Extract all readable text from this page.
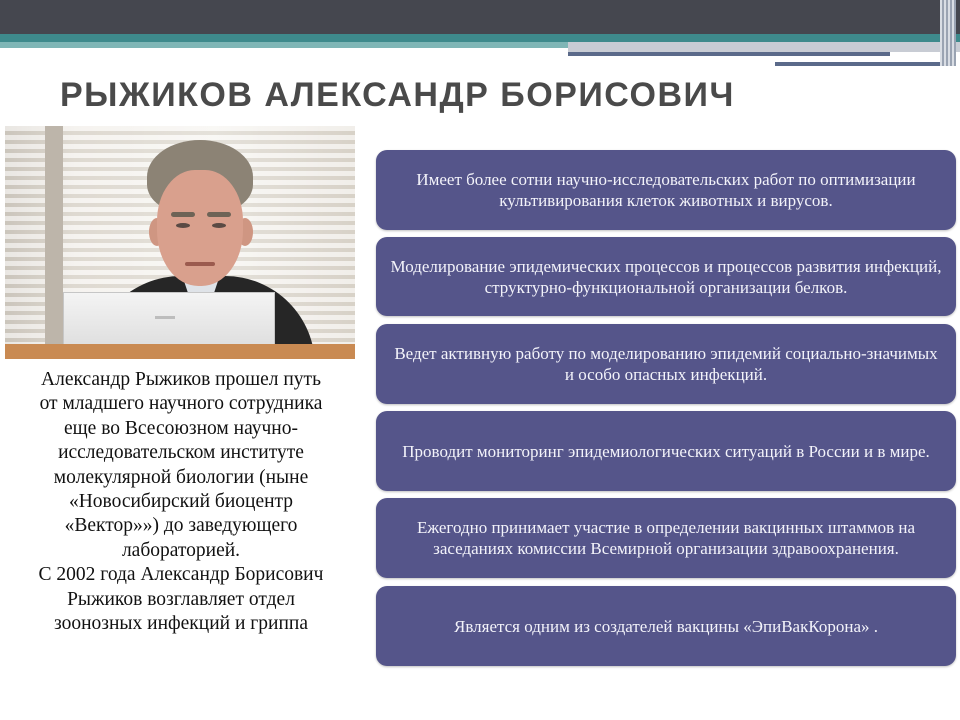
РЫЖИКОВ АЛЕКСАНДР БОРИСОВИЧ

Александр Рыжиков прошел путь
от младшего научного сотрудника
еще во Всесоюзном научно-
исследовательском институте
молекулярной биологии (ныне
«Новосибирский биоцентр
«Вектор»») до заведующего
лабораторией.
С 2002 года Александр Борисович
Рыжиков возглавляет отдел
зоонозных инфекций и гриппа

Имеет более сотни научно-исследовательских работ по оптимизации культивирования клеток животных и вирусов.
Моделирование эпидемических процессов и процессов развития инфекций, структурно-функциональной организации белков.
Ведет активную работу по моделированию эпидемий социально-значимых и особо опасных инфекций.
Проводит мониторинг эпидемиологических ситуаций в России и в мире.
Ежегодно принимает участие в определении вакцинных штаммов на заседаниях комиссии Всемирной организации здравоохранения.
Является одним из создателей вакцины «ЭпиВакКорона» .
